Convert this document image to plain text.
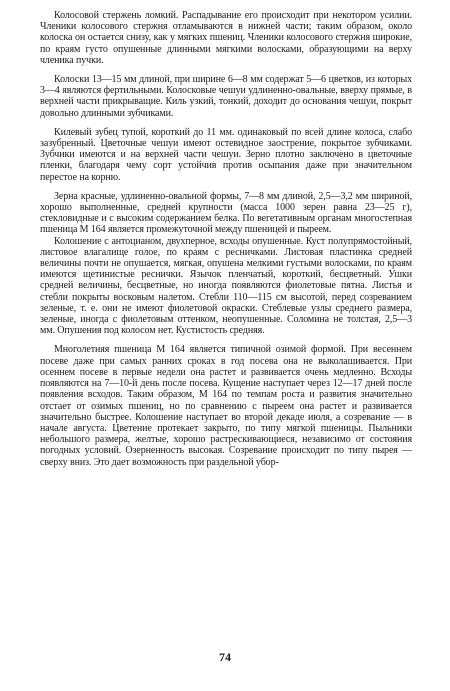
Колосовой стержень ломкий. Распадывание его происходит при некотором усилии. Членики колосового стержня отламываются в нижней части; таким образом, около колоска он остается снизу, как у мягких пшениц. Членики колосового стержня широкие, по краям густо опушенные длинными мягкими волосками, образующими на верху членика пучки.

Колоски 13—15 мм длиной, при ширине 6—8 мм содержат 5—6 цветков, из которых 3—4 являются фертильными. Колосковые чешуи удлиненно-овальные, вверху прямые, в верхней части прикрыващие. Киль узкий, тонкий, доходит до основания чешуи, покрыт довольно длинными зубчиками.

Килевый зубец тупой, короткий до 11 мм. одинаковый по всей длине колоса, слабо зазубренный. Цветочные чешуи имеют остевидное заострение, покрытое зубчиками. Зубчики имеются и на верхней части чешуи. Зерно плотно заключено в цветочные пленки, благодаря чему сорт устойчив против осыпания даже при значительном перестое на корню.

Зерна красные, удлиненно-овальной формы, 7—8 мм длиной, 2,5—3,2 мм шириной, хорошо выполненные, средней крупности (масса 1000 зерен равна 23—25 г), стекловидные и с высоким содержанием белка. По вегетативным органам многостепная пшеница М 164 является промежуточной между пшеницей и пыреем.

Колошение с антоцианом, двухперное, всходы опушенные. Куст полупрямостойный, листовое влагалище голое, по краям с ресничками. Листовая пластинка средней величины почти не опушается, мягкая, опушена мелкими густыми волосками, по краям имеются щетинистые реснички. Язычок пленчатый, короткий, бесцветный. Ушки средней величины, бесцветные, но иногда появляются фиолетовые пятна. Листья и стебли покрыты восковым налетом. Стебли 110—115 см высотой, перед созреванием зеленые, т. е. они не имеют фиолетовой окраски. Стеблевые узлы среднего размера, зеленые, иногда с фиолетовым оттенком, неопушенные. Соломина не толстая, 2,5—3 мм. Опушения под колосом нет. Кустистость средняя.

Многолетняя пшеница М 164 является типичной озимой формой. При весеннем посеве даже при самых ранних сроках в год посева она не выколашивается. При осеннем посеве в первые недели она растет и развивается очень медленно. Всходы появляются на 7—10-й день после посева. Кущение наступает через 12—17 дней после появления всходов. Таким образом, М 164 по темпам роста и развития значительно отстает от озимых пшениц, но по сравнению с пыреем она растет и развивается значительно быстрее. Колошение наступает во второй декаде июля, а созревание — в начале августа. Цветение протекает закрыто, по типу мягкой пшеницы. Пыльники небольшого размера, желтые, хорошо растрескивающиеся, независимо от состояния погодных условий. Озерненность высокая. Созревание происходит по типу пырея — сверху вниз. Это дает возможность при раздельной убор-

74
